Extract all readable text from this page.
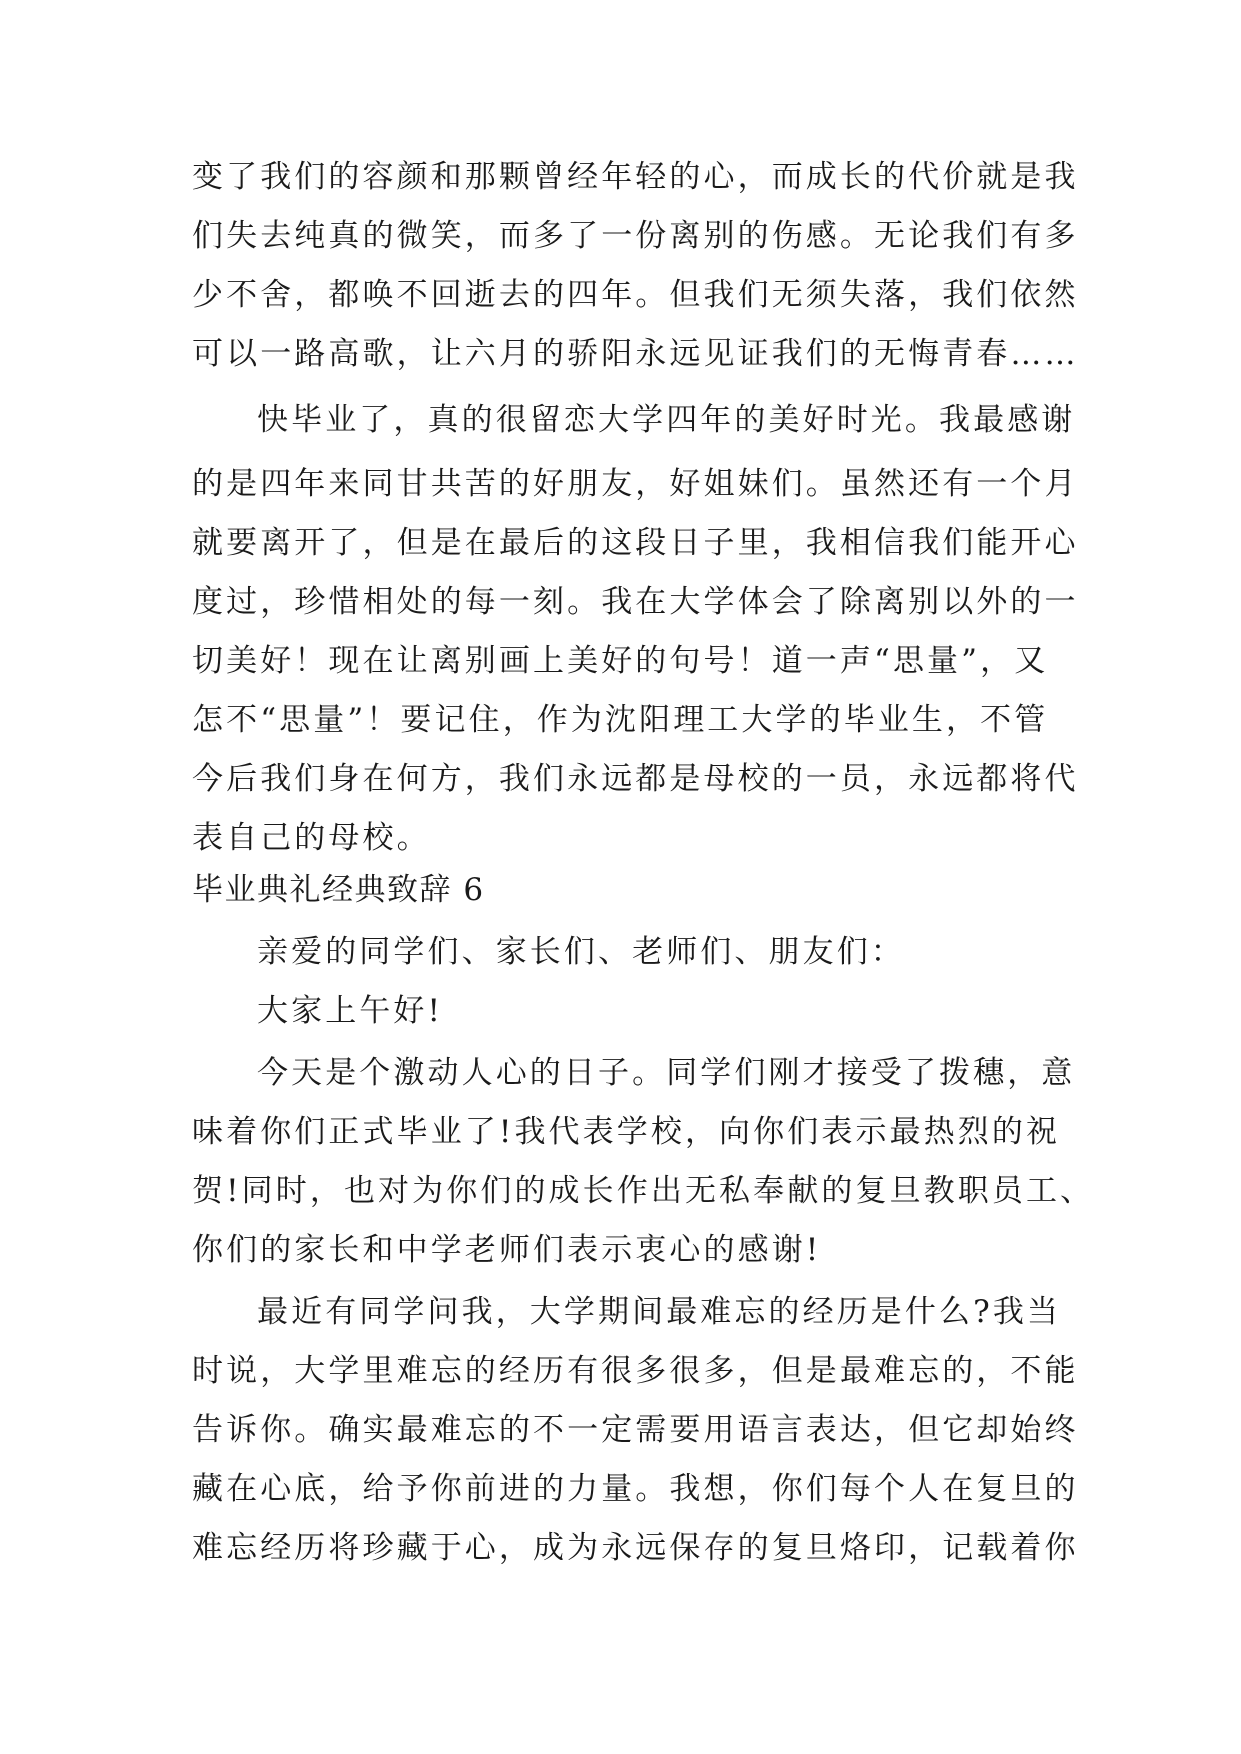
变了我们的容颜和那颗曾经年轻的心，而成长的代价就是我
们失去纯真的微笑，而多了一份离别的伤感。无论我们有多
少不舍，都唤不回逝去的四年。但我们无须失落，我们依然
可以一路高歌，让六月的骄阳永远见证我们的无悔青春……
快毕业了，真的很留恋大学四年的美好时光。我最感谢
的是四年来同甘共苦的好朋友，好姐妹们。虽然还有一个月
就要离开了，但是在最后的这段日子里，我相信我们能开心
度过，珍惜相处的每一刻。我在大学体会了除离别以外的一
切美好！现在让离别画上美好的句号！道一声“思量”，又
怎不“思量”！要记住，作为沈阳理工大学的毕业生，不管
今后我们身在何方，我们永远都是母校的一员，永远都将代
表自己的母校。
毕业典礼经典致辞 6
亲爱的同学们、家长们、老师们、朋友们：
大家上午好!
今天是个激动人心的日子。同学们刚才接受了拨穗，意
味着你们正式毕业了!我代表学校，向你们表示最热烈的祝
贺!同时，也对为你们的成长作出无私奉献的复旦教职员工、
你们的家长和中学老师们表示衷心的感谢!
最近有同学问我，大学期间最难忘的经历是什么?我当
时说，大学里难忘的经历有很多很多，但是最难忘的，不能
告诉你。确实最难忘的不一定需要用语言表达，但它却始终
藏在心底，给予你前进的力量。我想，你们每个人在复旦的
难忘经历将珍藏于心，成为永远保存的复旦烙印，记载着你
